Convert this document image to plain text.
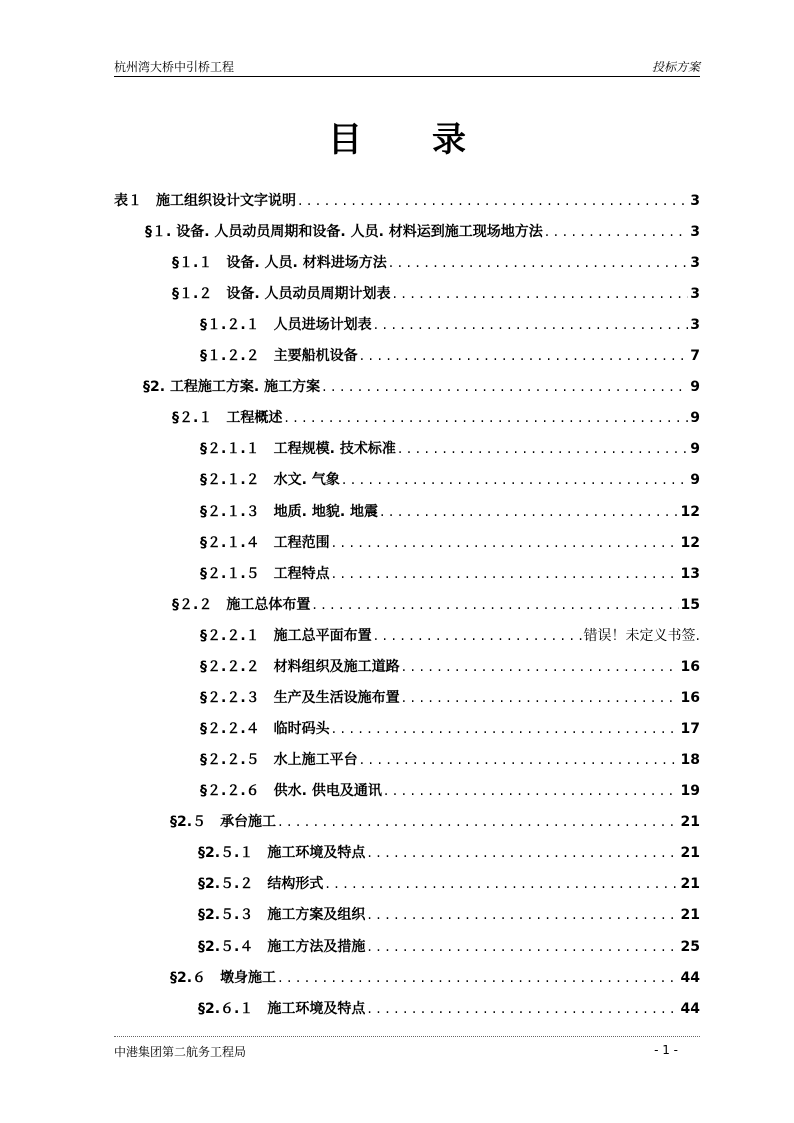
杭州湾大桥中引桥工程	投标方案
目 录
表１　 施工组织设计文字说明 . . .	3
§１. 设备. 人员动员周期和设备. 人员. 材料运到施工现场地方法 . . .	3
§１.１　 设备. 人员. 材料进场方法 . . .	3
§１.２　 设备. 人员动员周期计划表 . . .	3
§１.２.１　 人员进场计划表 . . .	3
§１.２.２　 主要船机设备 . . .	7
§2. 工程施工方案. 施工方案 . . .	9
§２.１　 工程概述 . . .	9
§２.１.１　 工程规模. 技术标准 . . .	9
§２.１.２　 水文. 气象 . . .	9
§２.１.３　 地质. 地貌. 地震 . . .	12
§２.１.４　 工程范围 . . .	12
§２.１.５　 工程特点 . . .	13
§２.２　 施工总体布置 . . .	15
§２.２.１　 施工总平面布置 . . .	错误！未定义书签.
§２.２.２　 材料组织及施工道路 . . .	16
§２.２.３　 生产及生活设施布置 . . .	16
§２.２.４　 临时码头 . . .	17
§２.２.５　 水上施工平台 . . .	18
§２.２.６　 供水. 供电及通讯 . . .	19
§2.５　 承台施工 . . .	21
§2.５.１　 施工环境及特点 . . .	21
§2.５.２　 结构形式 . . .	21
§2.５.３　 施工方案及组织 . . .	21
§2.５.４　 施工方法及措施 . . .	25
§2.６　 墩身施工 . . .	44
§2.６.１　 施工环境及特点 . . .	44
中港集团第二航务工程局	- 1 -
